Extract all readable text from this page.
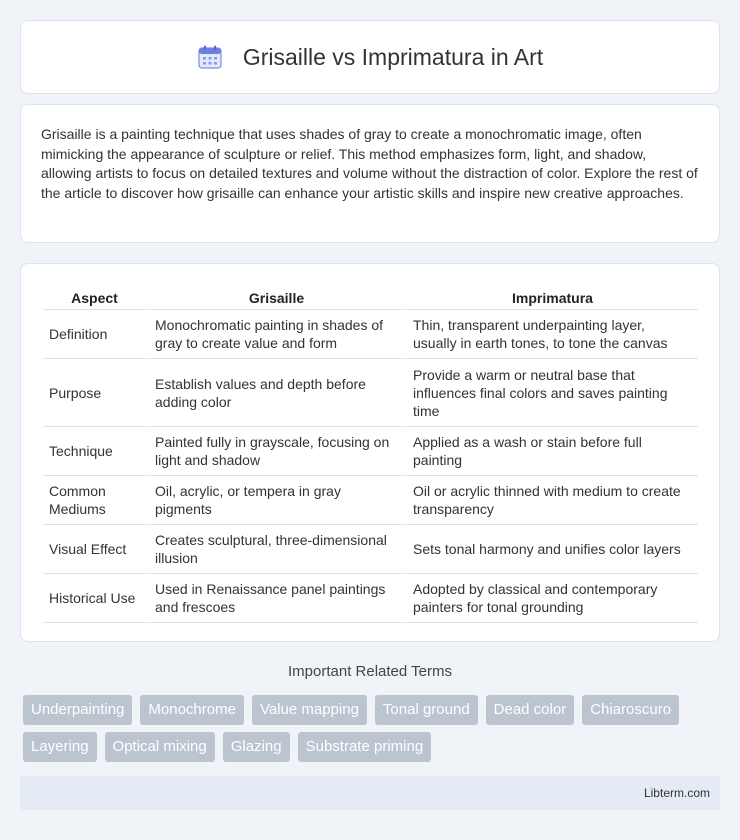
Grisaille vs Imprimatura in Art

Grisaille is a painting technique that uses shades of gray to create a monochromatic image, often mimicking the appearance of sculpture or relief. This method emphasizes form, light, and shadow, allowing artists to focus on detailed textures and volume without the distraction of color. Explore the rest of the article to discover how grisaille can enhance your artistic skills and inspire new creative approaches.

Aspect	Grisaille	Imprimatura
Definition	Monochromatic painting in shades of gray to create value and form	Thin, transparent underpainting layer, usually in earth tones, to tone the canvas
Purpose	Establish values and depth before adding color	Provide a warm or neutral base that influences final colors and saves painting time
Technique	Painted fully in grayscale, focusing on light and shadow	Applied as a wash or stain before full painting
Common Mediums	Oil, acrylic, or tempera in gray pigments	Oil or acrylic thinned with medium to create transparency
Visual Effect	Creates sculptural, three-dimensional illusion	Sets tonal harmony and unifies color layers
Historical Use	Used in Renaissance panel paintings and frescoes	Adopted by classical and contemporary painters for tonal grounding
Important Related Terms
Underpainting	Monochrome	Value mapping	Tonal ground	Dead color	Chiaroscuro
Layering	Optical mixing	Glazing	Substrate priming
Libterm.com
